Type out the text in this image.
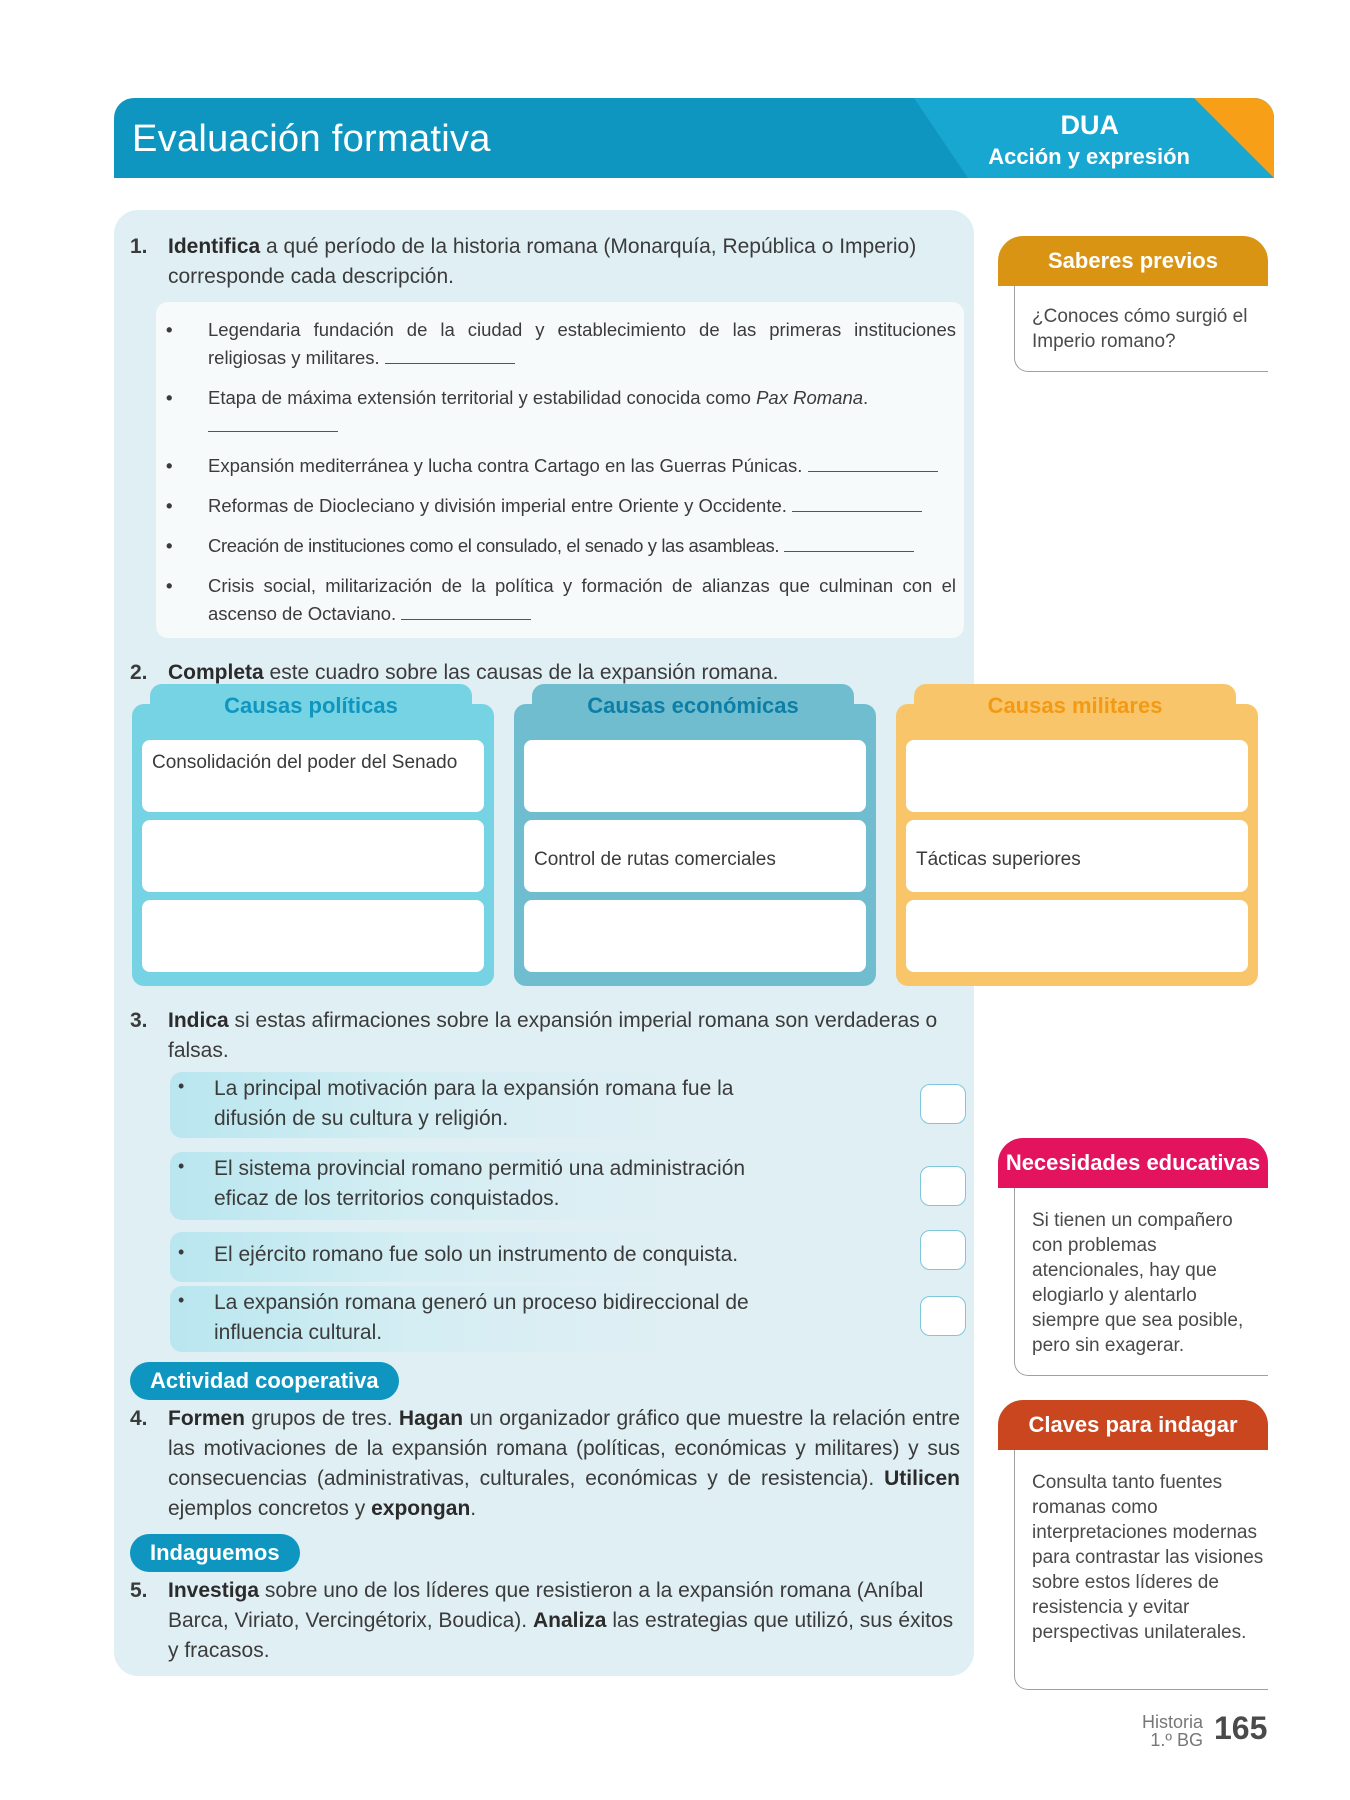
Evaluación formativa	DUA
Acción y expresión
1. Identifica a qué período de la historia romana (Monarquía, República o Imperio) corresponde cada descripción.
• Legendaria fundación de la ciudad y establecimiento de las primeras instituciones religiosas y militares.
• Etapa de máxima extensión territorial y estabilidad conocida como Pax Romana.

• Expansión mediterránea y lucha contra Cartago en las Guerras Púnicas.
• Reformas de Diocleciano y división imperial entre Oriente y Occidente.
• Creación de instituciones como el consulado, el senado y las asambleas.
• Crisis social, militarización de la política y formación de alianzas que culminan con el ascenso de Octaviano.
2. Completa este cuadro sobre las causas de la expansión romana.
Causas políticas
Consolidación del poder del Senado
Causas económicas
Control de rutas comerciales
Causas militares
Tácticas superiores
3. Indica si estas afirmaciones sobre la expansión imperial romana son verdaderas o falsas.
• La principal motivación para la expansión romana fue la difusión de su cultura y religión.
• El sistema provincial romano permitió una administración eficaz de los territorios conquistados.
• El ejército romano fue solo un instrumento de conquista.
• La expansión romana generó un proceso bidireccional de influencia cultural.
Actividad cooperativa
4. Formen grupos de tres. Hagan un organizador gráfico que muestre la relación entre las motivaciones de la expansión romana (políticas, económicas y militares) y sus consecuencias (administrativas, culturales, económicas y de resistencia). Utilicen ejemplos concretos y expongan.
Indaguemos
5. Investiga sobre uno de los líderes que resistieron a la expansión romana (Aníbal Barca, Viriato, Vercingétorix, Boudica). Analiza las estrategias que utilizó, sus éxitos y fracasos.
Saberes previos
¿Conoces cómo surgió el Imperio romano?
Necesidades educativas
Si tienen un compañero con problemas atencionales, hay que elogiarlo y alentarlo siempre que sea posible, pero sin exagerar.
Claves para indagar
Consulta tanto fuentes romanas como interpretaciones modernas para contrastar las visiones sobre estos líderes de resistencia y evitar perspectivas unilaterales.
Historia
1.º BG 165
